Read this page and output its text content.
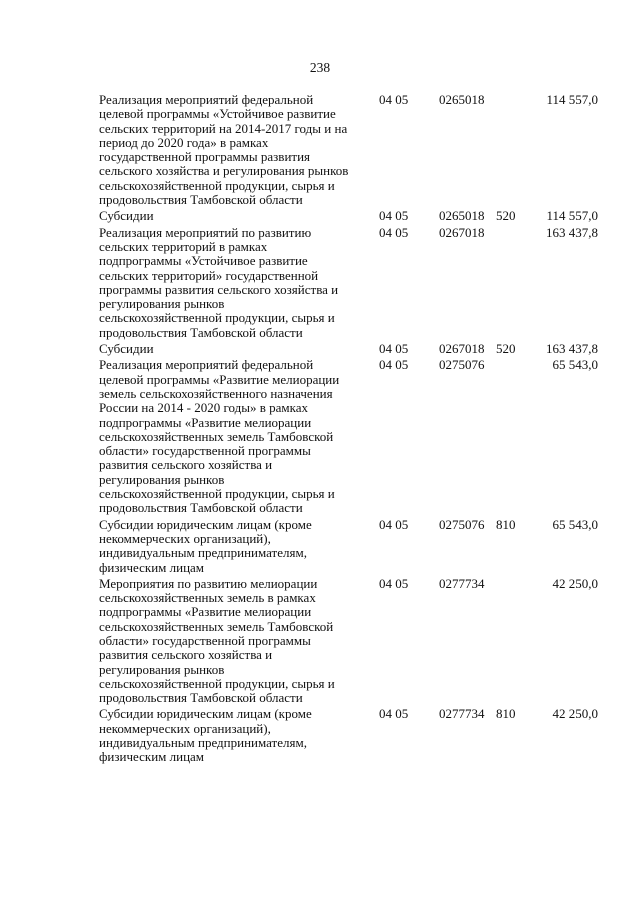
238
Реализация мероприятий федеральной
целевой программы «Устойчивое развитие
сельских территорий на 2014-2017 годы и на
период до 2020 года» в рамках
государственной программы развития
сельского хозяйства и регулирования рынков
сельскохозяйственной продукции, сырья и
продовольствия Тамбовской области
04 05	0265018	114 557,0
Субсидии	04 05	0265018 520	114 557,0
Реализация мероприятий по развитию
сельских территорий в рамках
подпрограммы «Устойчивое развитие
сельских территорий» государственной
программы развития сельского хозяйства и
регулирования рынков
сельскохозяйственной продукции, сырья и
продовольствия Тамбовской области
04 05	0267018	163 437,8
Субсидии	04 05	0267018 520	163 437,8
Реализация мероприятий федеральной
целевой программы «Развитие мелиорации
земель сельскохозяйственного назначения
России на 2014 - 2020 годы» в рамках
подпрограммы «Развитие мелиорации
сельскохозяйственных земель Тамбовской
области» государственной программы
развития сельского хозяйства и
регулирования рынков
сельскохозяйственной продукции, сырья и
продовольствия Тамбовской области
04 05	0275076	65 543,0
Субсидии юридическим лицам (кроме
некоммерческих организаций),
индивидуальным предпринимателям,
физическим лицам
04 05	0275076 810	65 543,0
Мероприятия по развитию мелиорации
сельскохозяйственных земель в рамках
подпрограммы «Развитие мелиорации
сельскохозяйственных земель Тамбовской
области» государственной программы
развития сельского хозяйства и
регулирования рынков
сельскохозяйственной продукции, сырья и
продовольствия Тамбовской области
04 05	0277734	42 250,0
Субсидии юридическим лицам (кроме
некоммерческих организаций),
индивидуальным предпринимателям,
физическим лицам
04 05	0277734 810	42 250,0
